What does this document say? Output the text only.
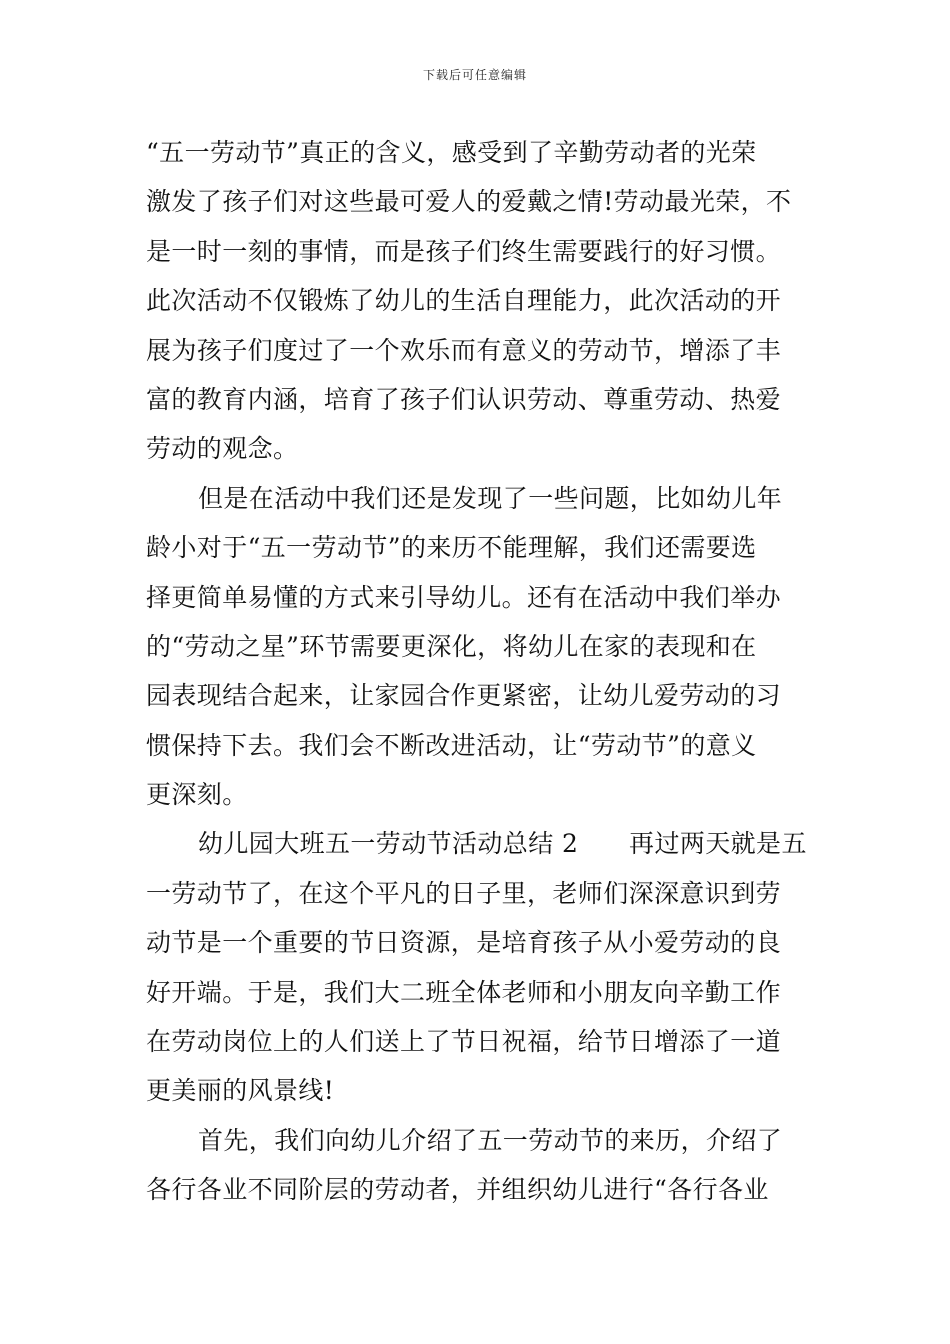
下载后可任意编辑
“五一劳动节”真正的含义，感受到了辛勤劳动者的光荣
激发了孩子们对这些最可爱人的爱戴之情!劳动最光荣，不
是一时一刻的事情，而是孩子们终生需要践行的好习惯。
此次活动不仅锻炼了幼儿的生活自理能力，此次活动的开
展为孩子们度过了一个欢乐而有意义的劳动节，增添了丰
富的教育内涵，培育了孩子们认识劳动、尊重劳动、热爱
劳动的观念。
但是在活动中我们还是发现了一些问题，比如幼儿年
龄小对于“五一劳动节”的来历不能理解，我们还需要选
择更简单易懂的方式来引导幼儿。还有在活动中我们举办
的“劳动之星”环节需要更深化，将幼儿在家的表现和在
园表现结合起来，让家园合作更紧密，让幼儿爱劳动的习
惯保持下去。我们会不断改进活动，让“劳动节”的意义
更深刻。
幼儿园大班五一劳动节活动总结 2　　再过两天就是五
一劳动节了，在这个平凡的日子里，老师们深深意识到劳
动节是一个重要的节日资源，是培育孩子从小爱劳动的良
好开端。于是，我们大二班全体老师和小朋友向辛勤工作
在劳动岗位上的人们送上了节日祝福，给节日增添了一道
更美丽的风景线!
首先，我们向幼儿介绍了五一劳动节的来历，介绍了
各行各业不同阶层的劳动者，并组织幼儿进行“各行各业
